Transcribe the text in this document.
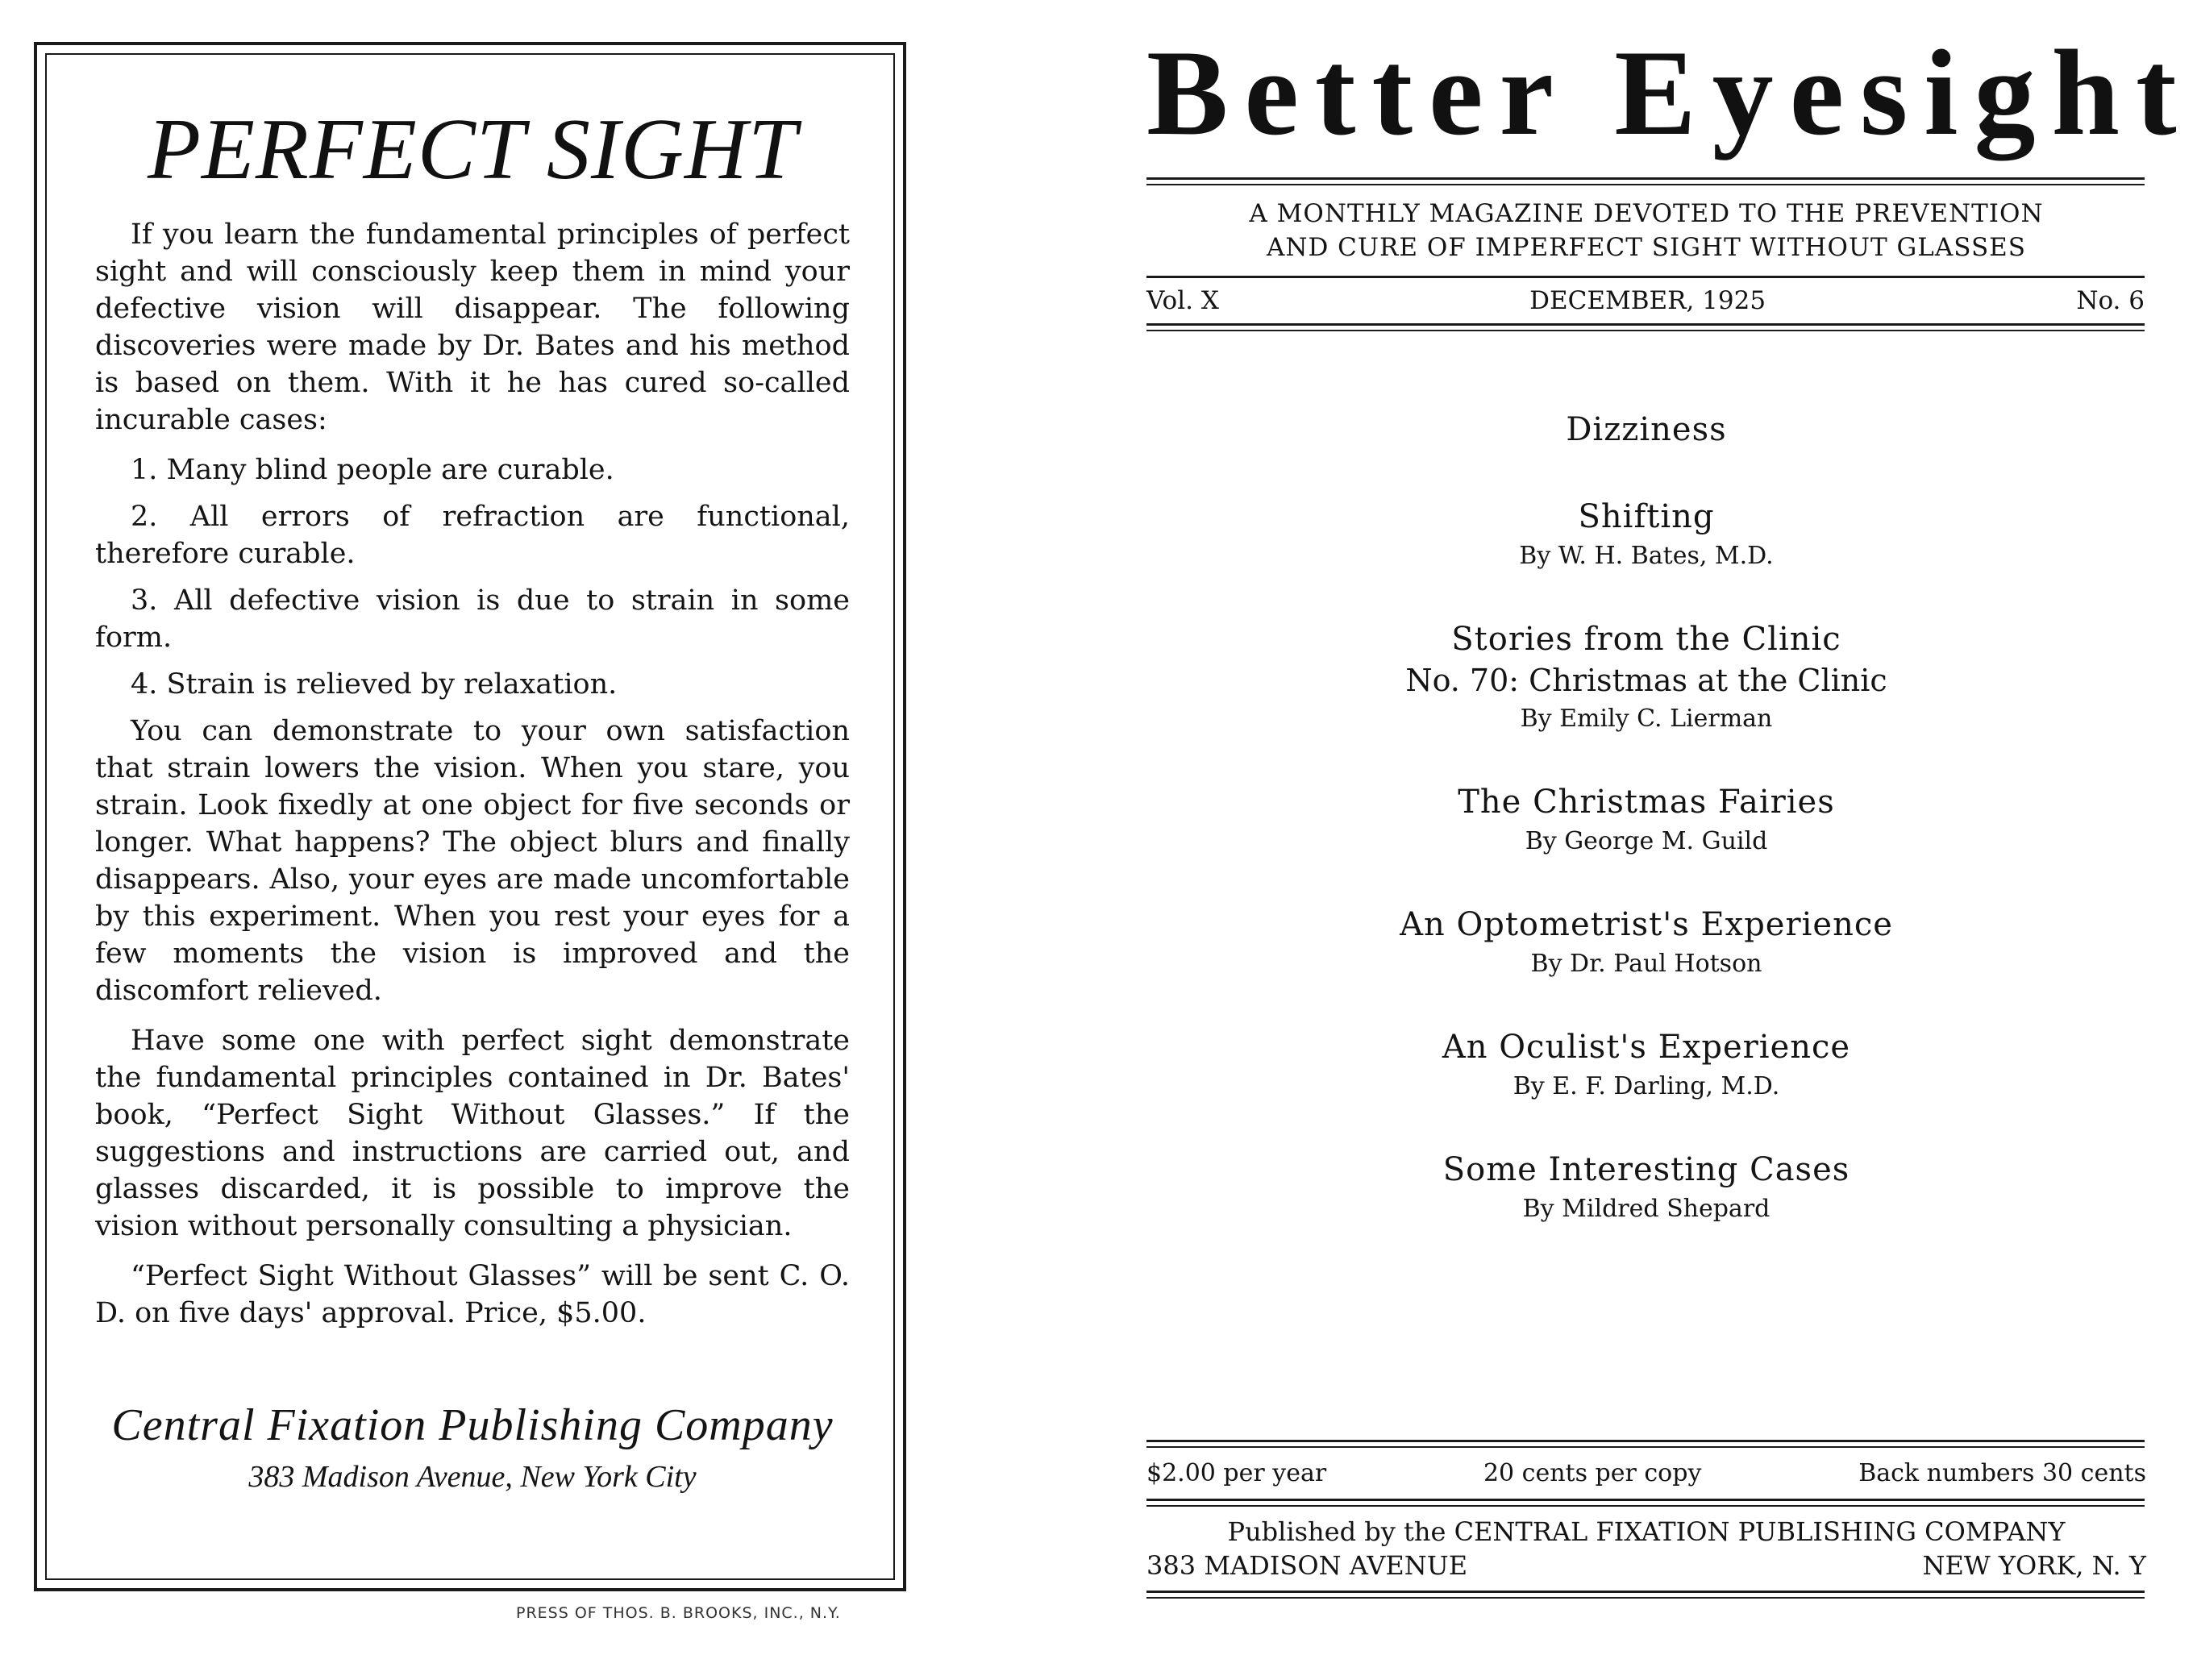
PERFECT SIGHT

If you learn the fundamental principles of perfect sight and will consciously keep them in mind your defective vision will disappear. The following discoveries were made by Dr. Bates and his method is based on them. With it he has cured so-called incurable cases:

1. Many blind people are curable.

2. All errors of refraction are functional, therefore curable.

3. All defective vision is due to strain in some form.

4. Strain is relieved by relaxation.

You can demonstrate to your own satisfaction that strain lowers the vision. When you stare, you strain. Look fixedly at one object for five seconds or longer. What happens? The object blurs and finally disappears. Also, your eyes are made uncomfortable by this experiment. When you rest your eyes for a few moments the vision is improved and the discomfort relieved.

Have some one with perfect sight demonstrate the fundamental principles contained in Dr. Bates' book, “Perfect Sight Without Glasses.” If the suggestions and instructions are carried out, and glasses discarded, it is possible to improve the vision without personally consulting a physician.

“Perfect Sight Without Glasses” will be sent C. O. D. on five days' approval. Price, $5.00.

Central Fixation Publishing Company
383 Madison Avenue, New York City
PRESS OF THOS. B. BROOKS, INC., N.Y.
Better Eyesight
A MONTHLY MAGAZINE DEVOTED TO THE PREVENTION
AND CURE OF IMPERFECT SIGHT WITHOUT GLASSES
Vol. X	DECEMBER, 1925	No. 6
Dizziness
Shifting
By W. H. Bates, M.D.
Stories from the Clinic
No. 70: Christmas at the Clinic
By Emily C. Lierman
The Christmas Fairies
By George M. Guild
An Optometrist's Experience
By Dr. Paul Hotson
An Oculist's Experience
By E. F. Darling, M.D.
Some Interesting Cases
By Mildred Shepard
$2.00 per year	20 cents per copy	Back numbers 30 cents
Published by the CENTRAL FIXATION PUBLISHING COMPANY
383 MADISON AVENUE	NEW YORK, N. Y
